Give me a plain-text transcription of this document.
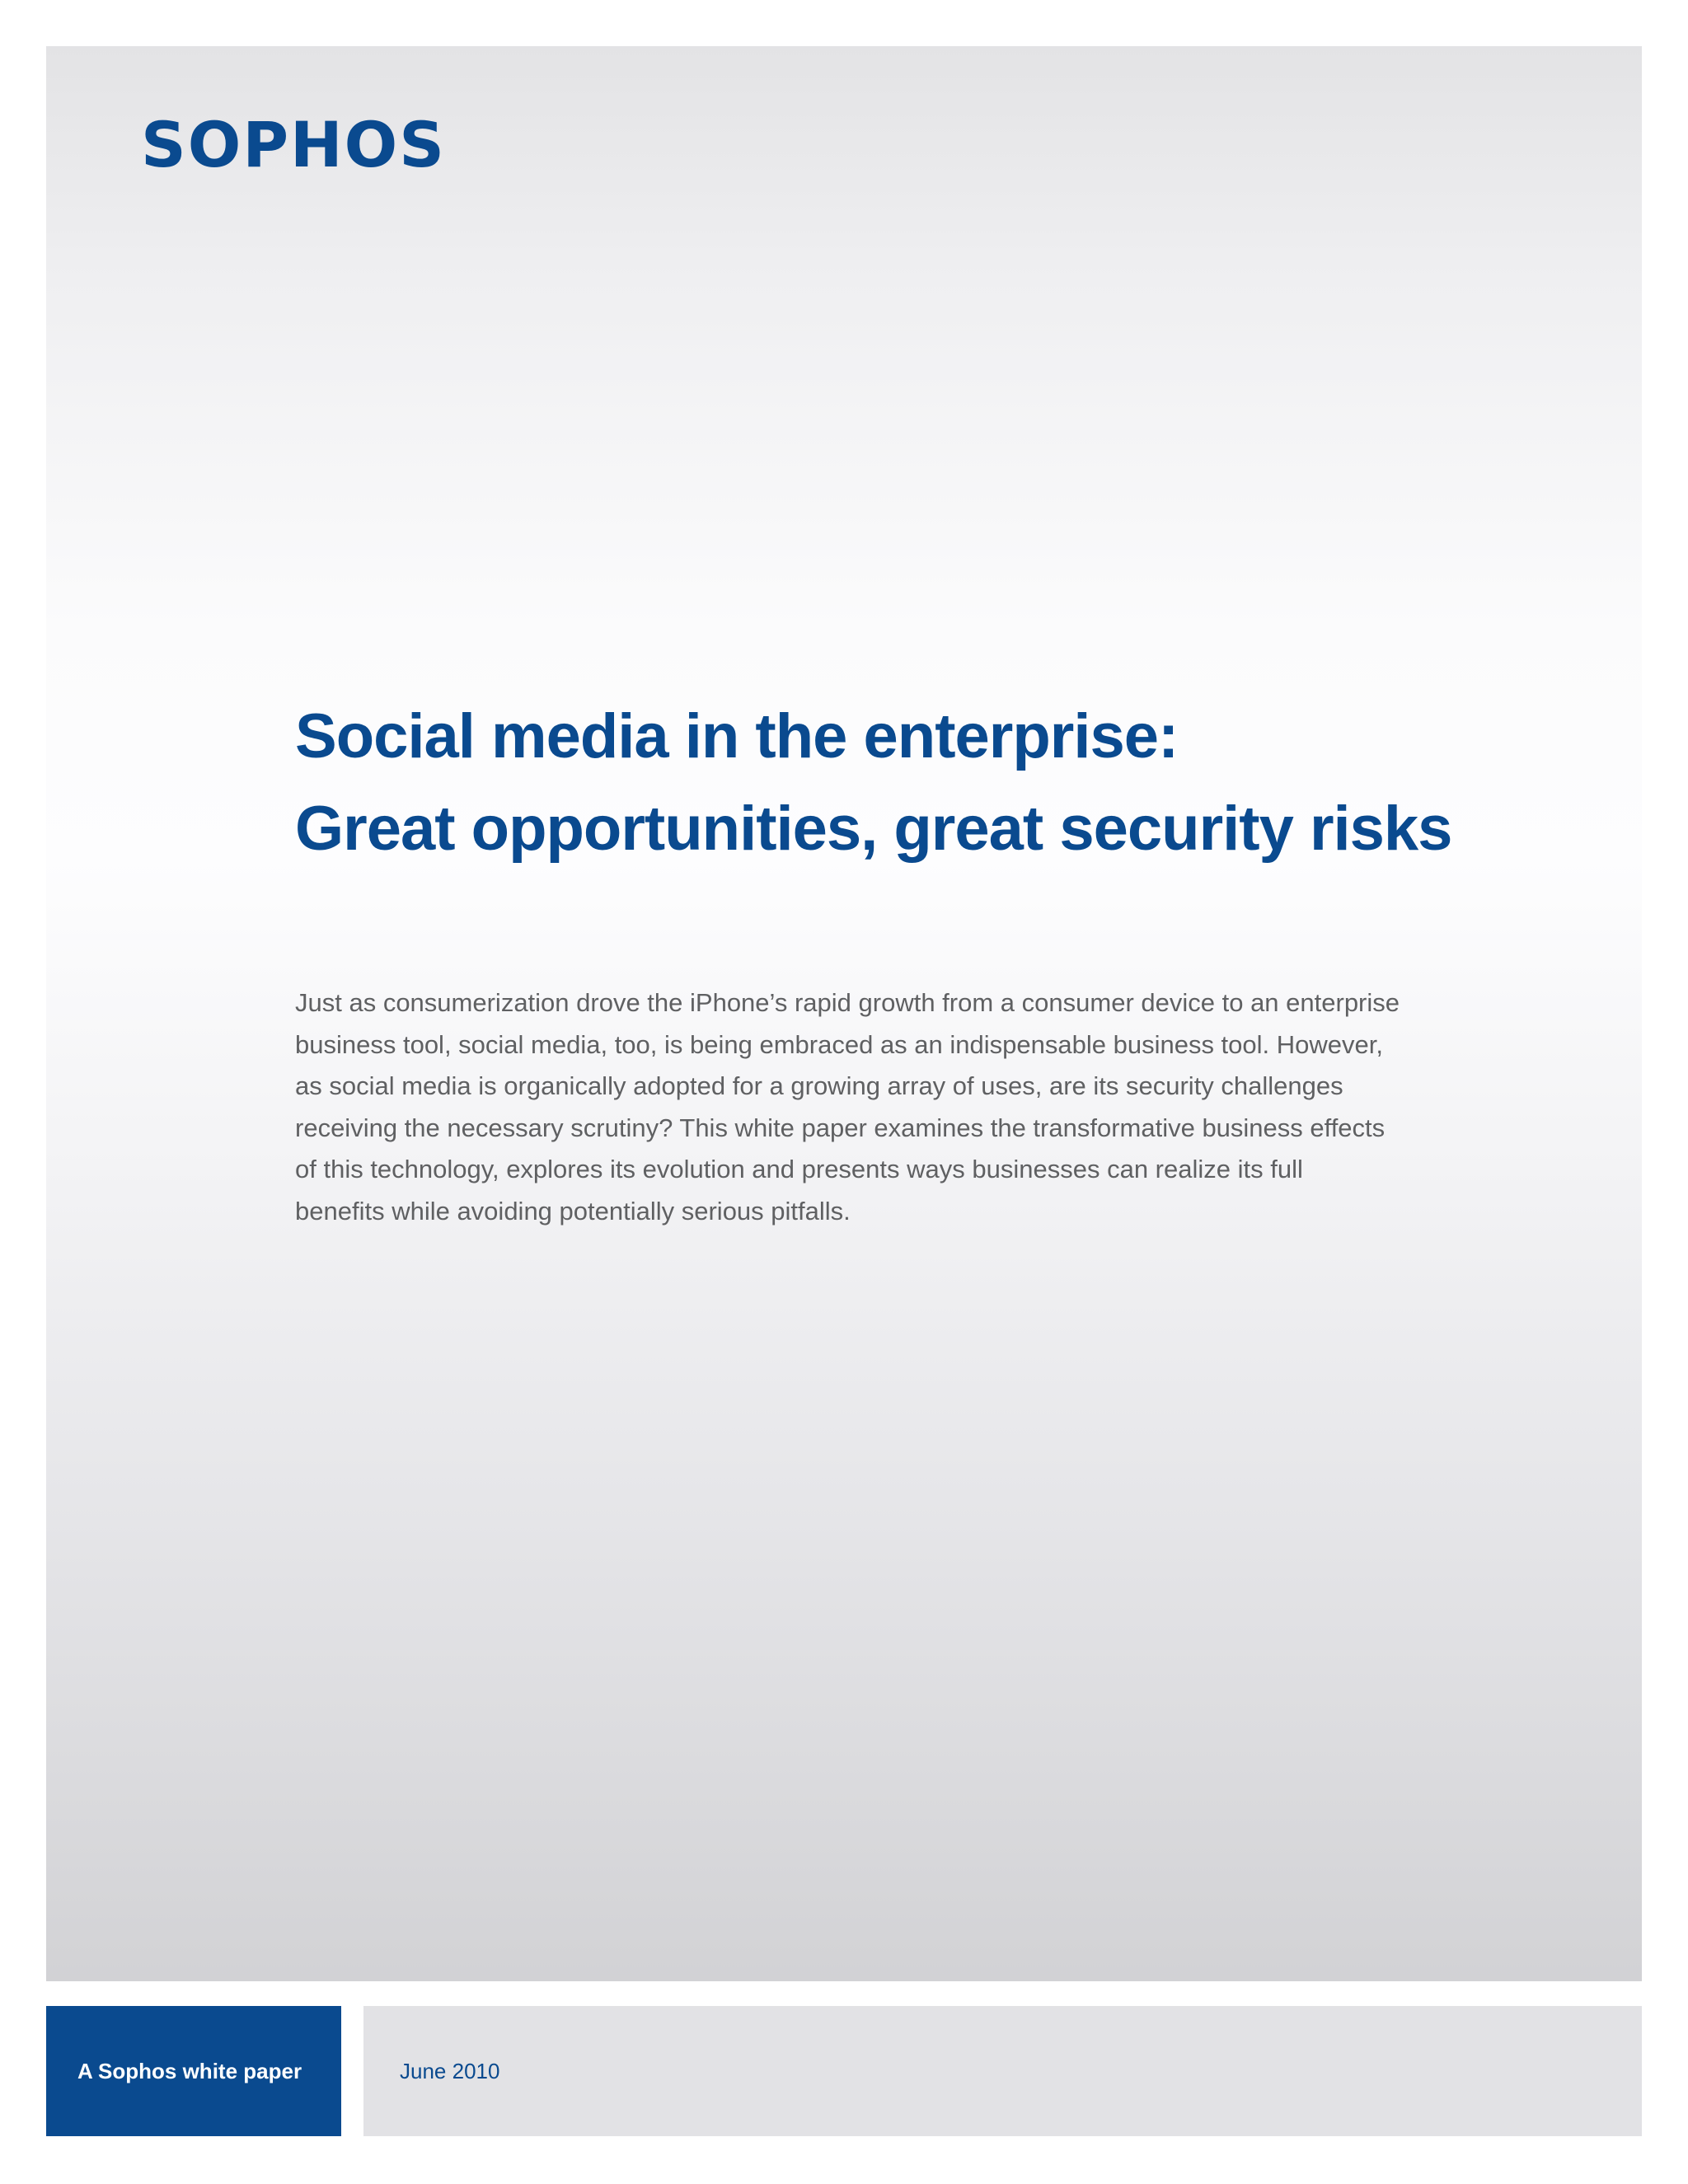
SOPHOS
Social media in the enterprise:
Great opportunities, great security risks

Just as consumerization drove the iPhone’s rapid growth from a consumer device to an enterprise business tool, social media, too, is being embraced as an indispensable business tool. However, as social media is organically adopted for a growing array of uses, are its security challenges receiving the necessary scrutiny? This white paper examines the transformative business effects of this technology, explores its evolution and presents ways businesses can realize its full benefits while avoiding potentially serious pitfalls.

A Sophos white paper	June 2010
